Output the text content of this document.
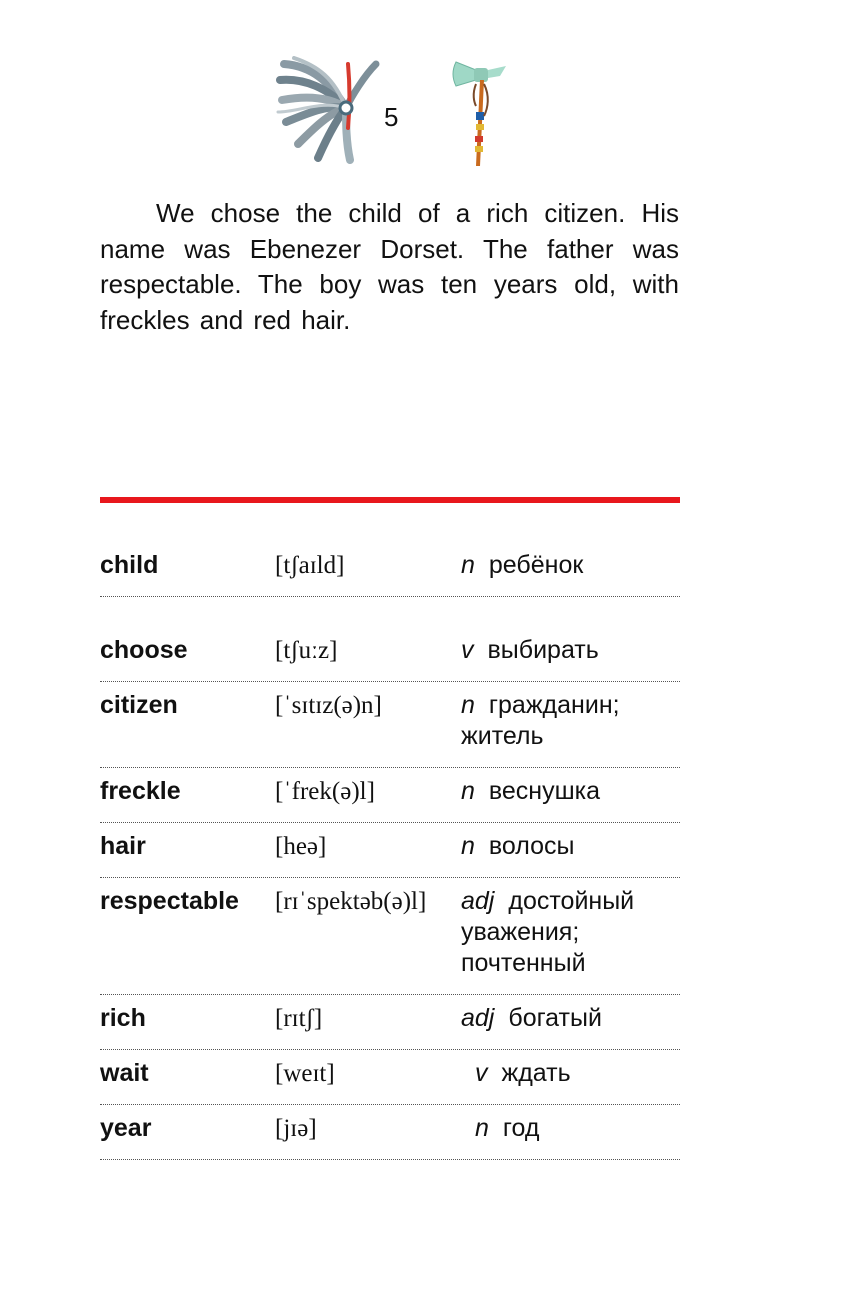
5

We chose the child of a rich citizen. His name was Ebenezer Dorset. The father was respectable. The boy was ten years old, with freckles and red hair.

child	[tʃaɪld]	n ребёнок
choose	[tʃuːz]	v выбирать
citizen	[ˈsɪtɪz(ə)n]	n гражданин; житель
freckle	[ˈfrek(ə)l]	n веснушка
hair	[heə]	n волосы
respectable [rɪˈspektəb(ə)l] adj достойный уважения; почтенный
rich	[rɪtʃ]	adj богатый
wait	[weɪt]	v ждать
year	[jɪə]	n год
